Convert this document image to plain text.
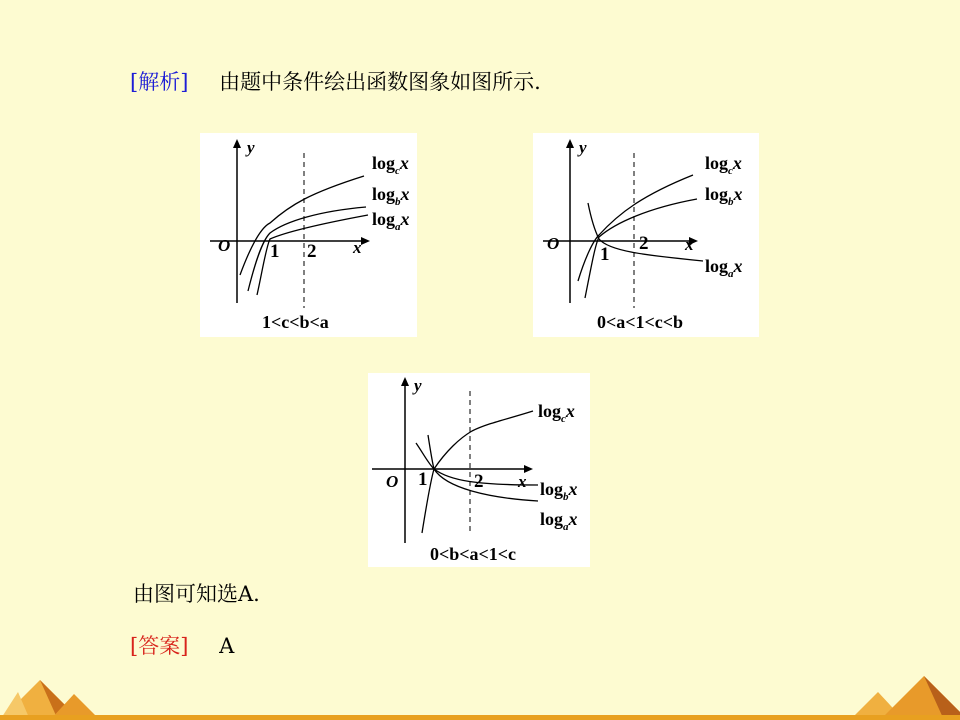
[解析] 由题中条件绘出函数图象如图所示.
y
x
O 1 2
$\log_cx$
$\log_bx$
$\log_ax$
1<c<b<a
y
x
O
1
2
$\log_cx$
$\log_bx$
$\log_ax$
0<a<1<c<b
y
x
O 1 2
$\log_cx$
$\log_bx$
$\log_ax$
0<b<a<1<c
由图可知选A.
[答案] A
